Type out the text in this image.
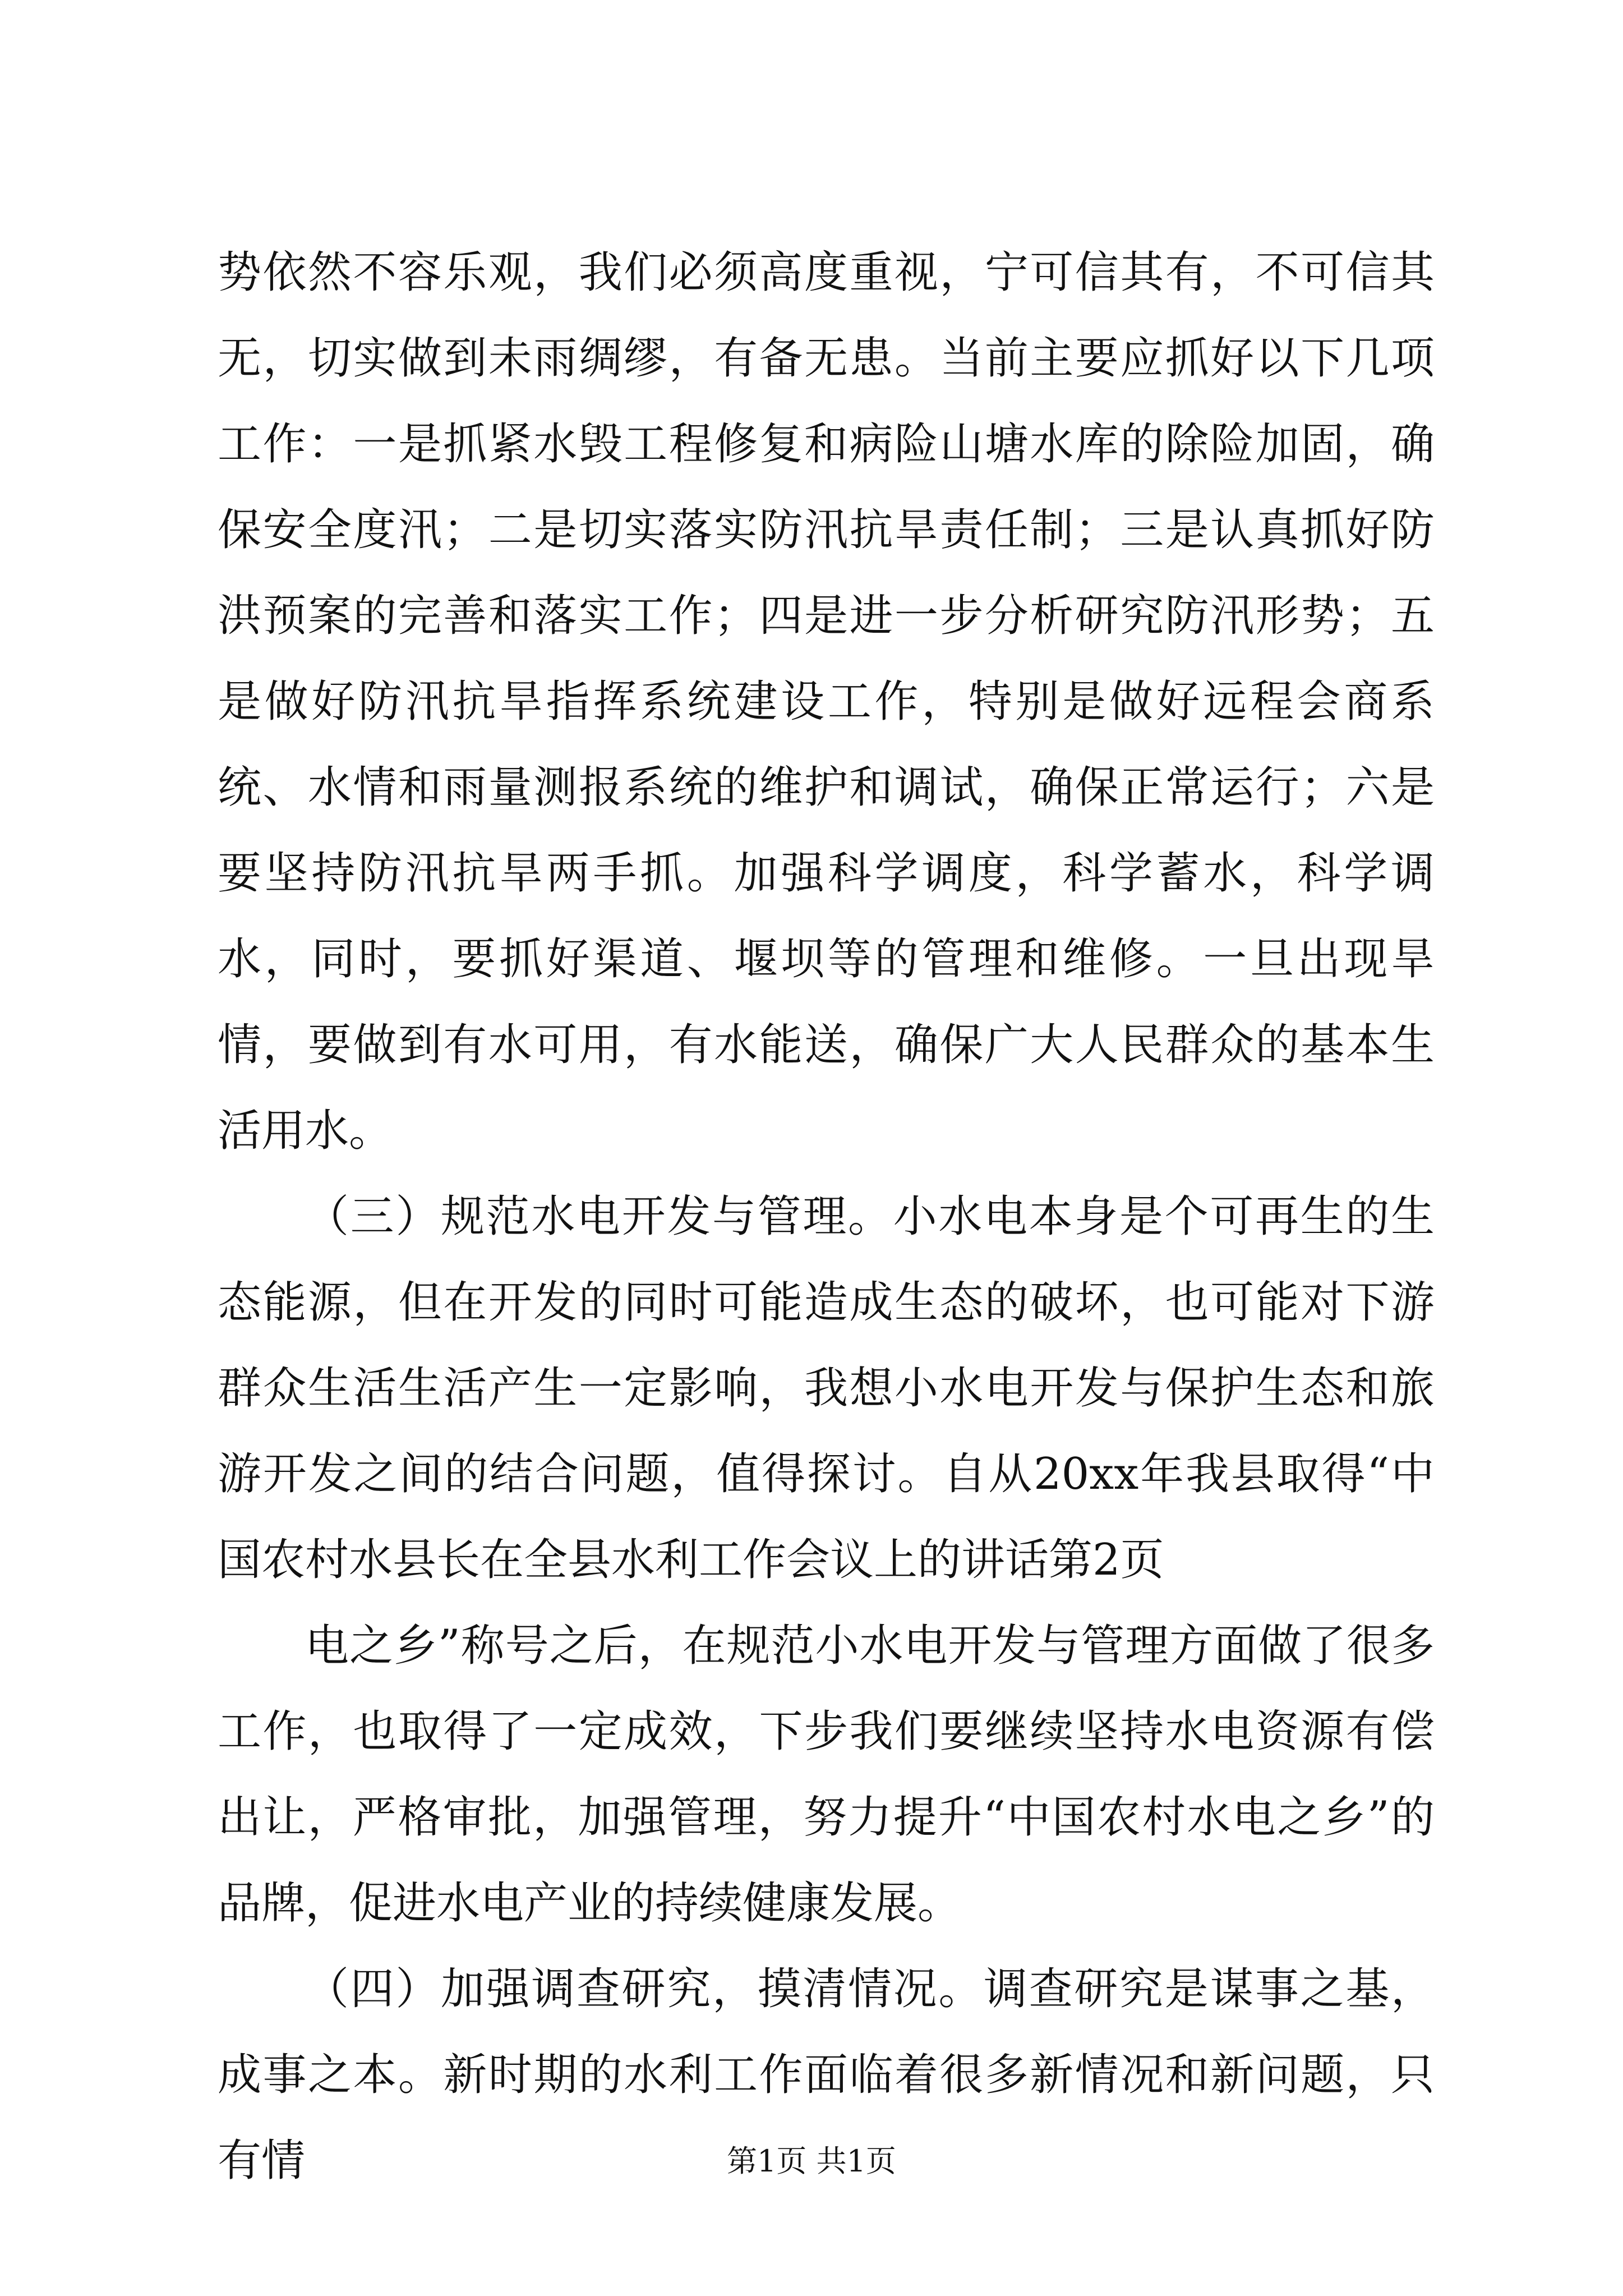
势依然不容乐观，我们必须高度重视，宁可信其有，不可信其无，切实做到未雨绸缪，有备无患。当前主要应抓好以下几项工作：一是抓紧水毁工程修复和病险山塘水库的除险加固，确保安全度汛；二是切实落实防汛抗旱责任制；三是认真抓好防洪预案的完善和落实工作；四是进一步分析研究防汛形势；五是做好防汛抗旱指挥系统建设工作，特别是做好远程会商系统、水情和雨量测报系统的维护和调试，确保正常运行；六是要坚持防汛抗旱两手抓。加强科学调度，科学蓄水，科学调水，同时，要抓好渠道、堰坝等的管理和维修。一旦出现旱情，要做到有水可用，有水能送，确保广大人民群众的基本生活用水。

（三）规范水电开发与管理。小水电本身是个可再生的生态能源，但在开发的同时可能造成生态的破坏，也可能对下游群众生活生活产生一定影响，我想小水电开发与保护生态和旅游开发之间的结合问题，值得探讨。自从20xx年我县取得“中国农村水县长在全县水利工作会议上的讲话第2页

电之乡”称号之后，在规范小水电开发与管理方面做了很多工作，也取得了一定成效，下步我们要继续坚持水电资源有偿出让，严格审批，加强管理，努力提升“中国农村水电之乡”的品牌，促进水电产业的持续健康发展。

（四）加强调查研究，摸清情况。调查研究是谋事之基，成事之本。新时期的水利工作面临着很多新情况和新问题，只有情	第1页 共1页
